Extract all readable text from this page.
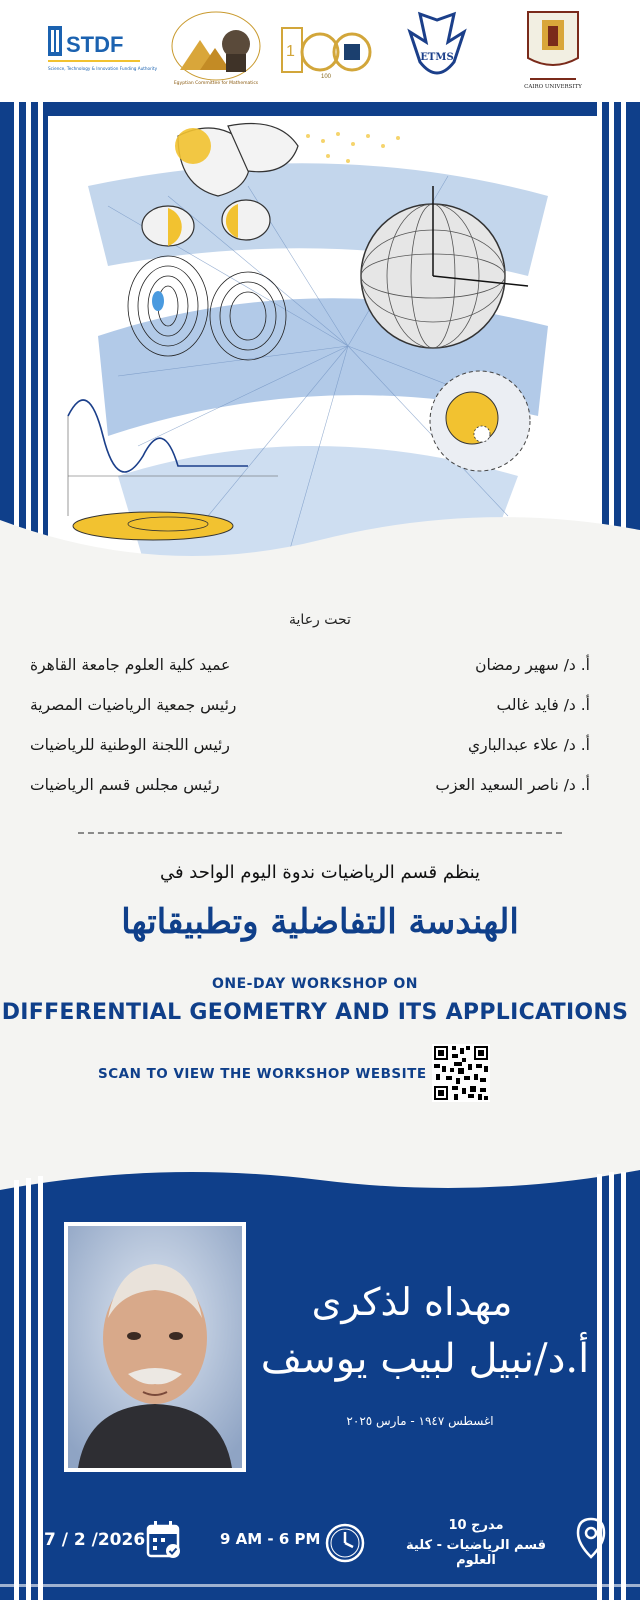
STDF
Science, Technology & Innovation Funding Authority
Egyptian Committee for Mathematics
1
100
ETMS
CAIRO UNIVERSITY
تحت رعاية
أ. د/ سهير رمضان
عميد كلية العلوم جامعة القاهرة
أ. د/ فايد غالب
رئيس جمعية الرياضيات المصرية
أ. د/ علاء عبدالباري
رئيس اللجنة الوطنية للرياضيات
أ. د/ ناصر السعيد العزب
رئيس مجلس قسم الرياضيات
ينظم قسم الرياضيات ندوة اليوم الواحد في
الهندسة التفاضلية وتطبيقاتها
ONE-DAY WORKSHOP ON
DIFFERENTIAL GEOMETRY AND ITS APPLICATIONS
SCAN TO VIEW THE WORKSHOP WEBSITE
مهداه لذكرى
أ.د/نبيل لبيب يوسف
اغسطس ١٩٤٧ - مارس ٢٠٢٥
7 / 2 /2026	9 AM - 6 PM
مدرج 10
قسم الرياضيات - كلية العلوم
